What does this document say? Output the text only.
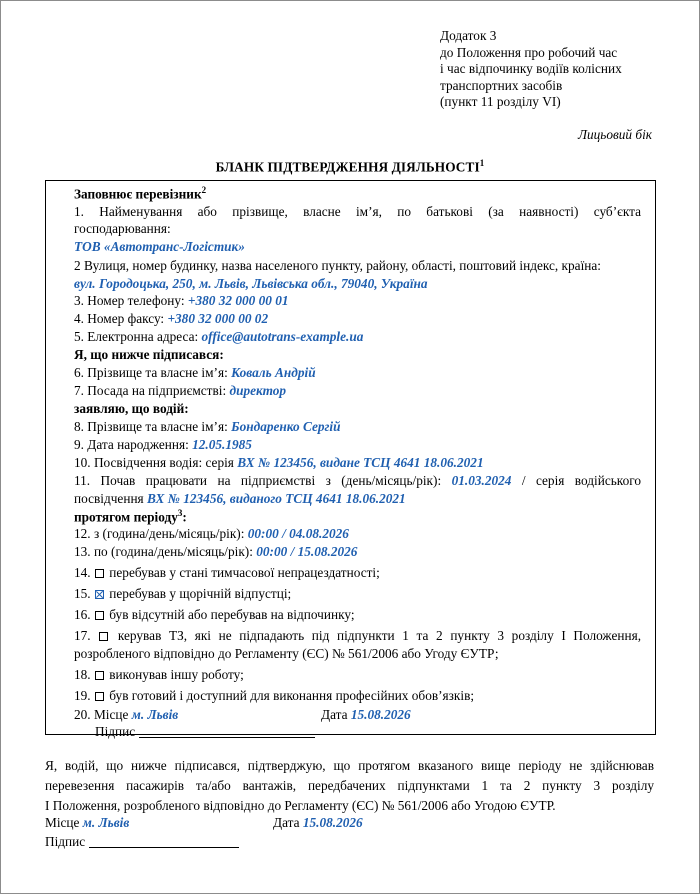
Додаток 3
до Положення про робочий час
і час відпочинку водіїв колісних
транспортних засобів
(пункт 11 розділу VI)
Лицьовий бік
БЛАНК ПІДТВЕРДЖЕННЯ ДІЯЛЬНОСТІ$^1$
Заповнює перевізник$^2$
1. Найменування або прізвище, власне ім’я, по батькові (за наявності) суб’єкта
господарювання:
ТОВ «Автотранс-Логістик»
2 Вулиця, номер будинку, назва населеного пункту, району, області, поштовий індекс, країна:
вул. Городоцька, 250, м. Львів, Львівська обл., 79040, Україна
3. Номер телефону: +380 32 000 00 01
4. Номер факсу: +380 32 000 00 02
5. Електронна адреса: office@autotrans-example.ua
Я, що нижче підписався:
6. Прізвище та власне ім’я: Коваль Андрій
7. Посада на підприємстві: директор
заявляю, що водій:
8. Прізвище та власне ім’я: Бондаренко Сергій
9. Дата народження: 12.05.1985
10. Посвідчення водія: серія ВХ № 123456, видане ТСЦ 4641 18.06.2021
11. Почав працювати на підприємстві з (день/місяць/рік): 01.03.2024 / серія водійського
посвідчення ВХ № 123456, виданого ТСЦ 4641 18.06.2021
протягом періоду$^3$:
12. з (година/день/місяць/рік): 00:00 / 04.08.2026
13. по (година/день/місяць/рік): 00:00 / 15.08.2026
14. перебував у стані тимчасової непрацездатності;
15. перебував у щорічній відпустці;
16. був відсутній або перебував на відпочинку;
17. керував ТЗ, які не підпадають під підпункти 1 та 2 пункту 3 розділу І Положення,
розробленого відповідно до Регламенту (ЄС) № 561/2006 або Угоду ЄУТР;
18. виконував іншу роботу;
19. був готовий і доступний для виконання професійних обов’язків;
20. Місце м. Львів	Дата 15.08.2026
Підпис
Я, водій, що нижче підписався, підтверджую, що протягом вказаного вище періоду не здійснював
перевезення пасажирів та/або вантажів, передбачених підпунктами 1 та 2 пункту 3 розділу
І Положення, розробленого відповідно до Регламенту (ЄС) № 561/2006 або Угодою ЄУТР.
Місце м. Львів	Дата 15.08.2026
Підпис
